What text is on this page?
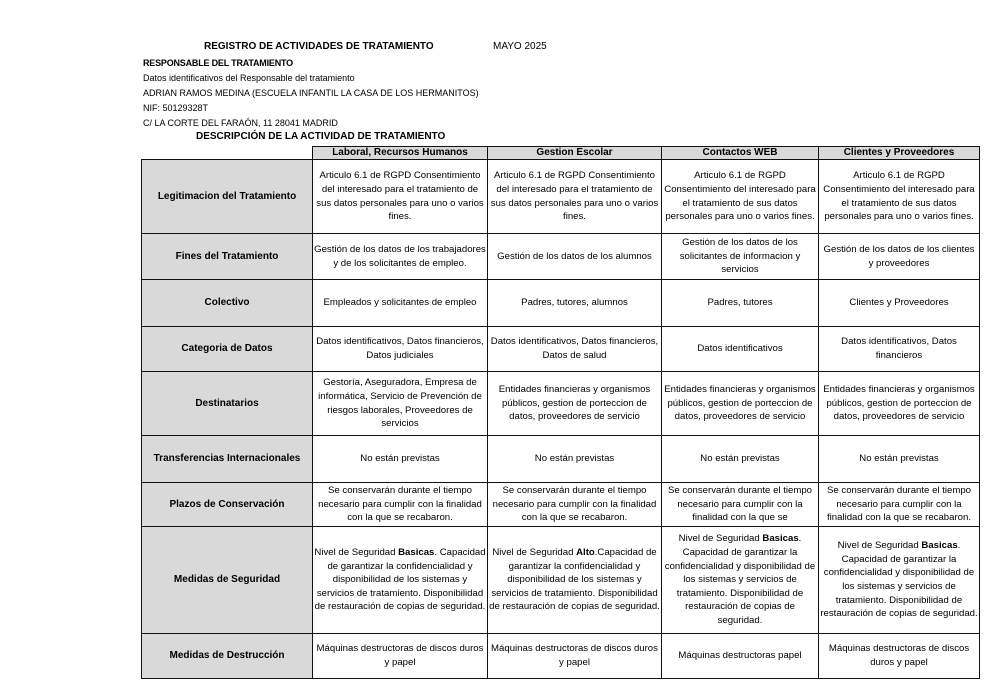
REGISTRO DE ACTIVIDADES DE TRATAMIENTO	MAYO 2025
RESPONSABLE DEL TRATAMIENTO
Datos identificativos del Responsable del tratamiento
ADRIAN RAMOS MEDINA (ESCUELA INFANTIL LA CASA DE LOS HERMANITOS)
NIF: 50129328T
C/ LA CORTE DEL FARAÓN, 11 28041 MADRID
DESCRIPCIÓN DE LA ACTIVIDAD DE TRATAMIENTO
	Laboral, Recursos Humanos	Gestion Escolar	Contactos WEB	Clientes y Proveedores
Legitimacion del Tratamiento	Articulo 6.1 de RGPD Consentimiento del interesado para el tratamiento de sus datos personales para uno o varios fines.	Articulo 6.1 de RGPD Consentimiento del interesado para el tratamiento de sus datos personales para uno o varios fines.	Articulo 6.1 de RGPD Consentimiento del interesado para el tratamiento de sus datos personales para uno o varios fines.	Articulo 6.1 de RGPD Consentimiento del interesado para el tratamiento de sus datos personales para uno o varios fines.
Fines del Tratamiento	Gestión de los datos de los trabajadores y de los solicitantes de empleo.	Gestión de los datos de los alumnos	Gestión de los datos de los solicitantes de informacion y servicios	Gestión de los datos de los clientes y proveedores
Colectivo	Empleados y solicitantes de empleo	Padres, tutores, alumnos	Padres, tutores	Clientes y Proveedores
Categoria de Datos	Datos identificativos, Datos financieros, Datos judiciales	Datos identificativos, Datos financieros, Datos de salud	Datos identificativos	Datos identificativos, Datos financieros
Destinatarios	Gestoría, Aseguradora, Empresa de informática, Servicio de Prevención de riesgos laborales, Proveedores de servicios	Entidades financieras y organismos públicos, gestion de porteccion de datos, proveedores de servicio	Entidades financieras y organismos públicos, gestion de porteccion de datos, proveedores de servicio	Entidades financieras y organismos públicos, gestion de porteccion de datos, proveedores de servicio
Transferencias Internacionales	No están previstas	No están previstas	No están previstas	No están previstas
Plazos de Conservación	Se conservarán durante el tiempo necesario para cumplir con la finalidad con la que se recabaron.	Se conservarán durante el tiempo necesario para cumplir con la finalidad con la que se recabaron.	Se conservarán durante el tiempo necesario para cumplir con la finalidad con la que se	Se conservarán durante el tiempo necesario para cumplir con la finalidad con la que se recabaron.
Medidas de Seguridad	Nivel de Seguridad Basicas. Capacidad de garantizar la confidencialidad y disponibilidad de los sistemas y servicios de tratamiento. Disponibilidad de restauración de copias de seguridad.	Nivel de Seguridad Alto.Capacidad de garantizar la confidencialidad y disponibilidad de los sistemas y servicios de tratamiento. Disponibilidad de restauración de copias de seguridad.	Nivel de Seguridad Basicas. Capacidad de garantizar la confidencialidad y disponibilidad de los sistemas y servicios de tratamiento. Disponibilidad de restauración de copias de seguridad.	Nivel de Seguridad Basicas. Capacidad de garantizar la confidencialidad y disponibilidad de los sistemas y servicios de tratamiento. Disponibilidad de restauración de copias de seguridad.
Medidas de Destrucción	Máquinas destructoras de discos duros y papel	Máquinas destructoras de discos duros y papel	Máquinas destructoras papel	Máquinas destructoras de discos duros y papel
